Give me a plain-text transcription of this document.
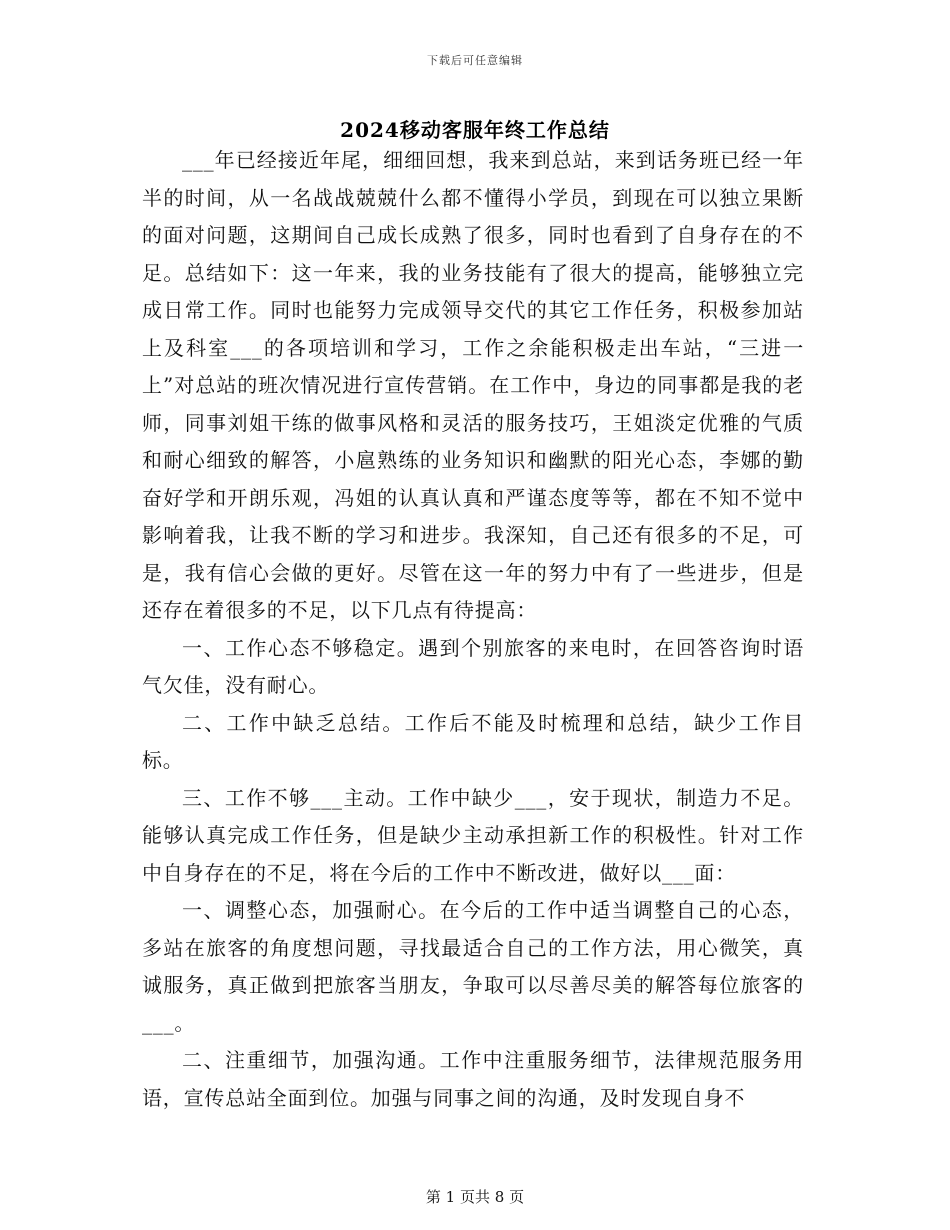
下载后可任意编辑
2024移动客服年终工作总结

___年已经接近年尾，细细回想，我来到总站，来到话务班已经一年半的时间，从一名战战兢兢什么都不懂得小学员，到现在可以独立果断的面对问题，这期间自己成长成熟了很多，同时也看到了自身存在的不足。总结如下：这一年来，我的业务技能有了很大的提高，能够独立完成日常工作。同时也能努力完成领导交代的其它工作任务，积极参加站上及科室___的各项培训和学习，工作之余能积极走出车站，“三进一上”对总站的班次情况进行宣传营销。在工作中，身边的同事都是我的老师，同事刘姐干练的做事风格和灵活的服务技巧，王姐淡定优雅的气质和耐心细致的解答，小扈熟练的业务知识和幽默的阳光心态，李娜的勤奋好学和开朗乐观，冯姐的认真认真和严谨态度等等，都在不知不觉中影响着我，让我不断的学习和进步。我深知，自己还有很多的不足，可是，我有信心会做的更好。尽管在这一年的努力中有了一些进步，但是还存在着很多的不足，以下几点有待提高：

一、工作心态不够稳定。遇到个别旅客的来电时，在回答咨询时语气欠佳，没有耐心。

二、工作中缺乏总结。工作后不能及时梳理和总结，缺少工作目标。

三、工作不够___主动。工作中缺少___，安于现状，制造力不足。能够认真完成工作任务，但是缺少主动承担新工作的积极性。针对工作中自身存在的不足，将在今后的工作中不断改进，做好以___面：

一、调整心态，加强耐心。在今后的工作中适当调整自己的心态，多站在旅客的角度想问题，寻找最适合自己的工作方法，用心微笑，真诚服务，真正做到把旅客当朋友，争取可以尽善尽美的解答每位旅客的___。

二、注重细节，加强沟通。工作中注重服务细节，法律规范服务用语，宣传总站全面到位。加强与同事之间的沟通，及时发现自身不

第 1 页共 8 页
